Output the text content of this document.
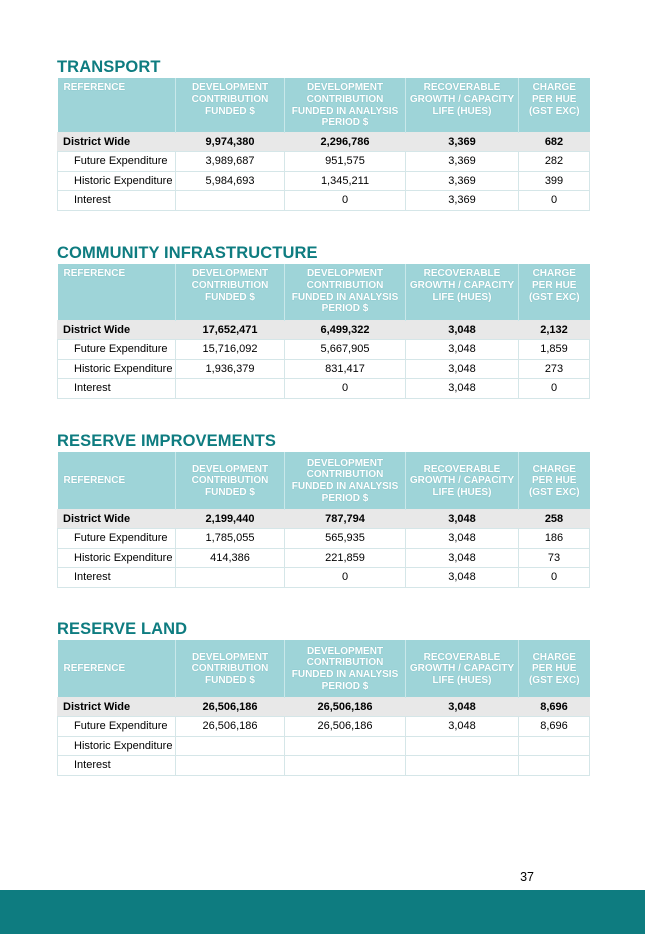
TRANSPORT
REFERENCE	DEVELOPMENT CONTRIBUTION FUNDED $	DEVELOPMENT CONTRIBUTION FUNDED IN ANALYSIS PERIOD $	RECOVERABLE GROWTH / CAPACITY LIFE (HUES)	CHARGE PER HUE (GST EXC)
District Wide	9,974,380	2,296,786	3,369	682
Future Expenditure	3,989,687	951,575	3,369	282
Historic Expenditure	5,984,693	1,345,211	3,369	399
Interest		0	3,369	0
COMMUNITY INFRASTRUCTURE
REFERENCE	DEVELOPMENT CONTRIBUTION FUNDED $	DEVELOPMENT CONTRIBUTION FUNDED IN ANALYSIS PERIOD $	RECOVERABLE GROWTH / CAPACITY LIFE (HUES)	CHARGE PER HUE (GST EXC)
District Wide	17,652,471	6,499,322	3,048	2,132
Future Expenditure	15,716,092	5,667,905	3,048	1,859
Historic Expenditure	1,936,379	831,417	3,048	273
Interest		0	3,048	0
RESERVE IMPROVEMENTS
REFERENCE	DEVELOPMENT CONTRIBUTION FUNDED $	DEVELOPMENT CONTRIBUTION FUNDED IN ANALYSIS PERIOD $	RECOVERABLE GROWTH / CAPACITY LIFE (HUES)	CHARGE PER HUE (GST EXC)
District Wide	2,199,440	787,794	3,048	258
Future Expenditure	1,785,055	565,935	3,048	186
Historic Expenditure	414,386	221,859	3,048	73
Interest		0	3,048	0
RESERVE LAND
REFERENCE	DEVELOPMENT CONTRIBUTION FUNDED $	DEVELOPMENT CONTRIBUTION FUNDED IN ANALYSIS PERIOD $	RECOVERABLE GROWTH / CAPACITY LIFE (HUES)	CHARGE PER HUE (GST EXC)
District Wide	26,506,186	26,506,186	3,048	8,696
Future Expenditure	26,506,186	26,506,186	3,048	8,696
Historic Expenditure				
Interest				
37
